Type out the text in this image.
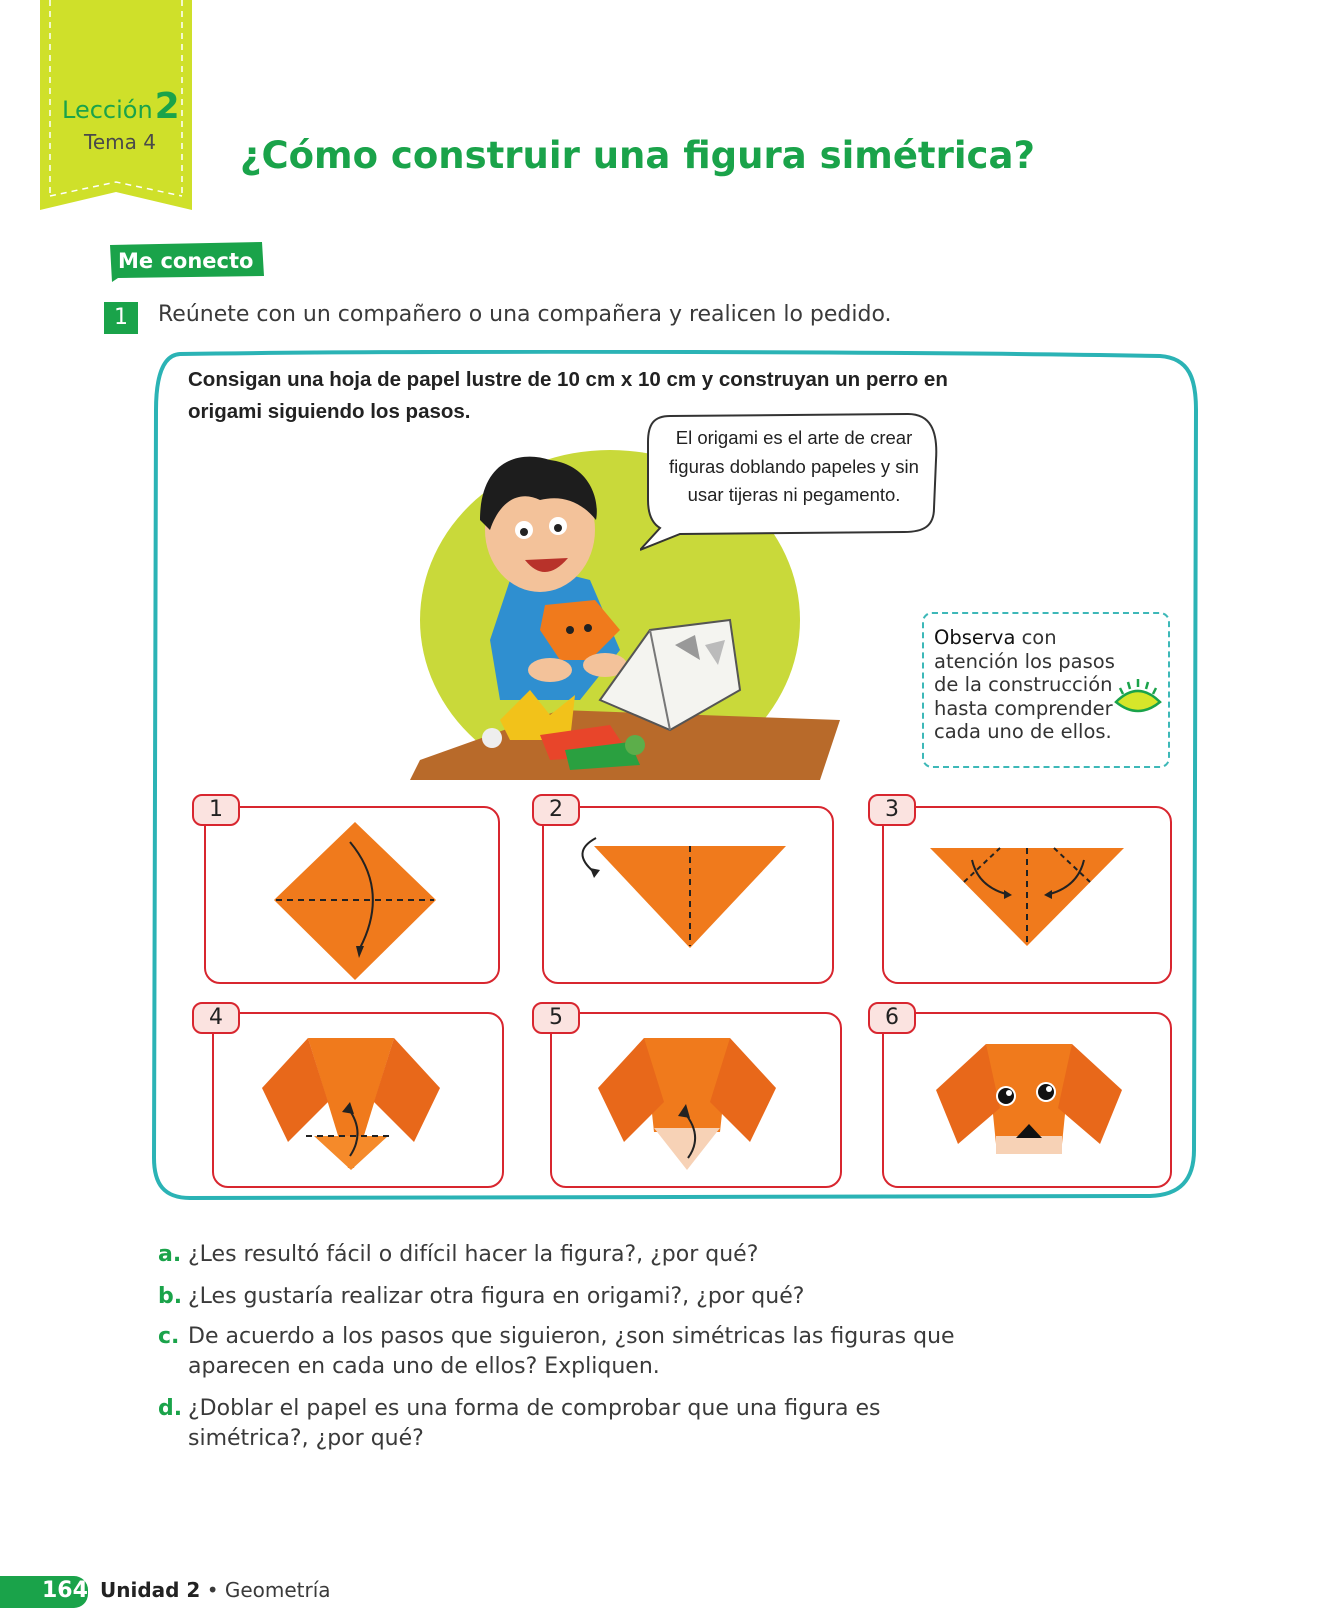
Lección2
Tema 4 ¿Cómo construir una figura simétrica?
Me conecto
1	Reúnete con un compañero o una compañera y realicen lo pedido.
Consigan una hoja de papel lustre de 10 cm x 10 cm y construyan un perro en origami siguiendo los pasos.
El origami es el arte de crear figuras doblando papeles y sin usar tijeras ni pegamento.
Observa con atención los pasos de la construcción hasta comprender cada uno de ellos.
1	2	3
4	5	6
a. ¿Les resultó fácil o difícil hacer la figura?, ¿por qué?
b. ¿Les gustaría realizar otra figura en origami?, ¿por qué?
c. De acuerdo a los pasos que siguieron, ¿son simétricas las figuras que
aparecen en cada uno de ellos? Expliquen.
d. ¿Doblar el papel es una forma de comprobar que una figura es
simétrica?, ¿por qué?
164 Unidad 2 • Geometría
